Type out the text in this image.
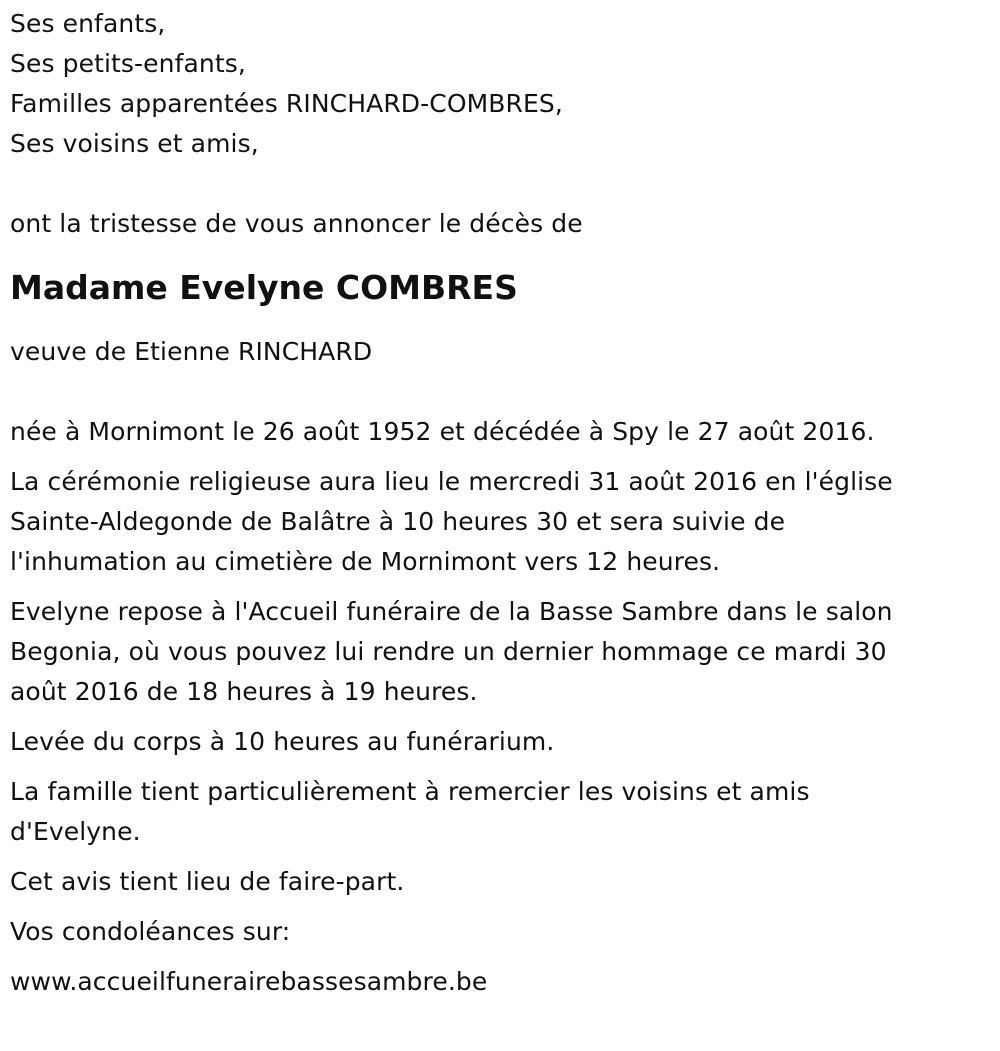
Ses enfants,

Ses petits-enfants,

Familles apparentées RINCHARD-COMBRES,

Ses voisins et amis,

ont la tristesse de vous annoncer le décès de

Madame Evelyne COMBRES

veuve de Etienne RINCHARD

née à Mornimont le 26 août 1952 et décédée à Spy le 27 août 2016.

La cérémonie religieuse aura lieu le mercredi 31 août 2016 en l'église

Sainte-Aldegonde de Balâtre à 10 heures 30 et sera suivie de

l'inhumation au cimetière de Mornimont vers 12 heures.

Evelyne repose à l'Accueil funéraire de la Basse Sambre dans le salon

Begonia, où vous pouvez lui rendre un dernier hommage ce mardi 30

août 2016 de 18 heures à 19 heures.

Levée du corps à 10 heures au funérarium.

La famille tient particulièrement à remercier les voisins et amis

d'Evelyne.

Cet avis tient lieu de faire-part.

Vos condoléances sur:

www.accueilfunerairebassesambre.be
